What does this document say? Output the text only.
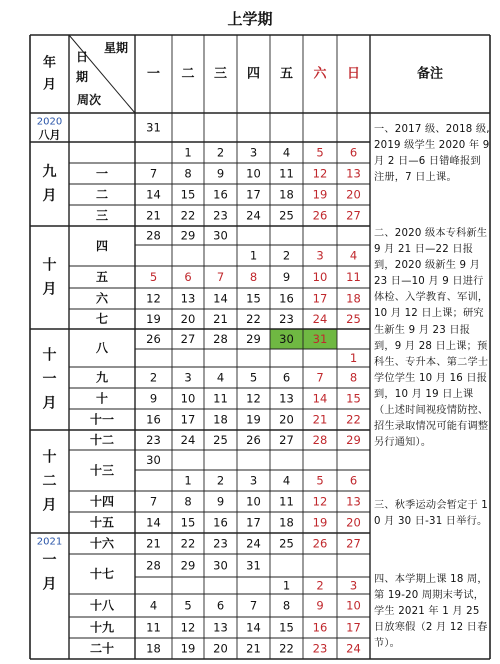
上学期
年
月
星期
日
期
周次
一 二 三 四 五 六 日	备注
2020
八月
九
月
十
月
十
一
月
十
二
月
2021
一
月
一
二
三
四
五
六
七
八
九
十
十一
十二
十三
十四
十五
十六
十七
十八
十九
二十
31
1 2 3 4 5 6
7 8 9 10 11 12 13
14 15 16 17 18 19 20
21 22 23 24 25 26 27
28 29 30
1 2 3 4
5 6 7 8 9 10 11
12 13 14 15 16 17 18
19 20 21 22 23 24 25
26 27 28 29 30 31
1
2 3 4 5 6 7 8
9 10 11 12 13 14 15
16 17 18 19 20 21 22
23 24 25 26 27 28 29
30
1 2 3 4 5 6
7 8 9 10 11 12 13
14 15 16 17 18 19 20
21 22 23 24 25 26 27
28 29 30 31
1 2 3
4 5 6 7 8 9 10
11 12 13 14 15 16 17
18 19 20 21 22 23 24
一、2017 级、2018 级,2019 级学生 2020 年 9 月 2 日—6 日错峰报到注册，7 日上课。
二、2020 级本专科新生 9 月 21 日—22 日报到，2020 级新生 9 月 23 日—10 月 9 日进行体检、入学教育、军训，10 月 12 日上课；研究生新生 9 月 23 日报到，9 月 28 日上课；预科生、专升本、第二学士学位学生 10 月 16 日报到，10 月 19 日上课（上述时间视疫情防控、招生录取情况可能有调整另行通知）。
三、秋季运动会暂定于 10 月 30 日-31 日举行。
四、本学期上课 18 周，第 19-20 周期末考试，学生 2021 年 1 月 25 日放寒假（2 月 12 日春节）。
